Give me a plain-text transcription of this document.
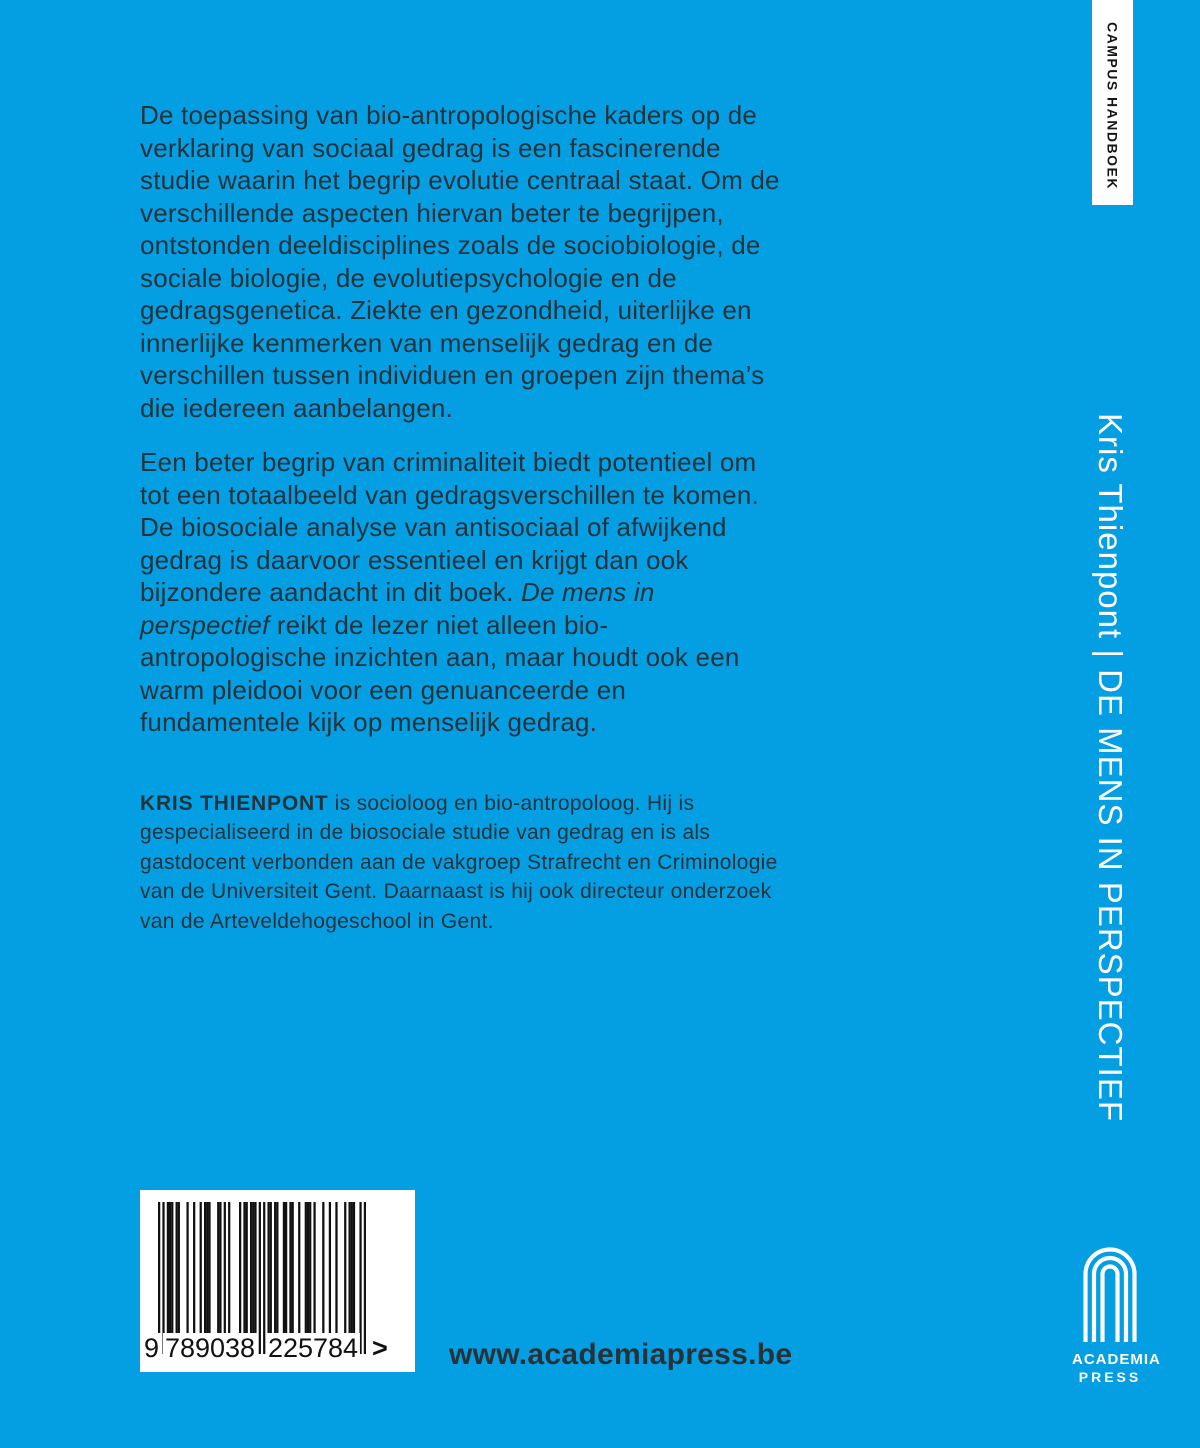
De toepassing van bio-antropologische kaders op de verklaring van sociaal gedrag is een fascinerende studie waarin het begrip evolutie centraal staat. Om de verschillende aspecten hiervan beter te begrijpen, ontstonden deeldisciplines zoals de sociobiologie, de sociale biologie, de evolutiepsychologie en de gedragsgenetica. Ziekte en gezondheid, uiterlijke en innerlijke kenmerken van menselijk gedrag en de verschillen tussen individuen en groepen zijn thema’s die iedereen aanbelangen.

Een beter begrip van criminaliteit biedt potentieel om tot een totaalbeeld van gedragsverschillen te komen. De biosociale analyse van antisociaal of afwijkend gedrag is daarvoor essentieel en krijgt dan ook bijzondere aandacht in dit boek. De mens in perspectief reikt de lezer niet alleen bio-antropologische inzichten aan, maar houdt ook een warm pleidooi voor een genuanceerde en fundamentele kijk op menselijk gedrag.

KRIS THIENPONT is socioloog en bio-antropoloog. Hij is gespecialiseerd in de biosociale studie van gedrag en is als gastdocent verbonden aan de vakgroep Strafrecht en Criminologie van de Universiteit Gent. Daarnaast is hij ook directeur onderzoek van de Arteveldehogeschool in Gent.

CAMPUS HANDBOEK
Kris Thienpont | DE MENS IN PERSPECTIEF
9 789038 225784 > www.academiapress.be	ACADEMIA
PRESS
